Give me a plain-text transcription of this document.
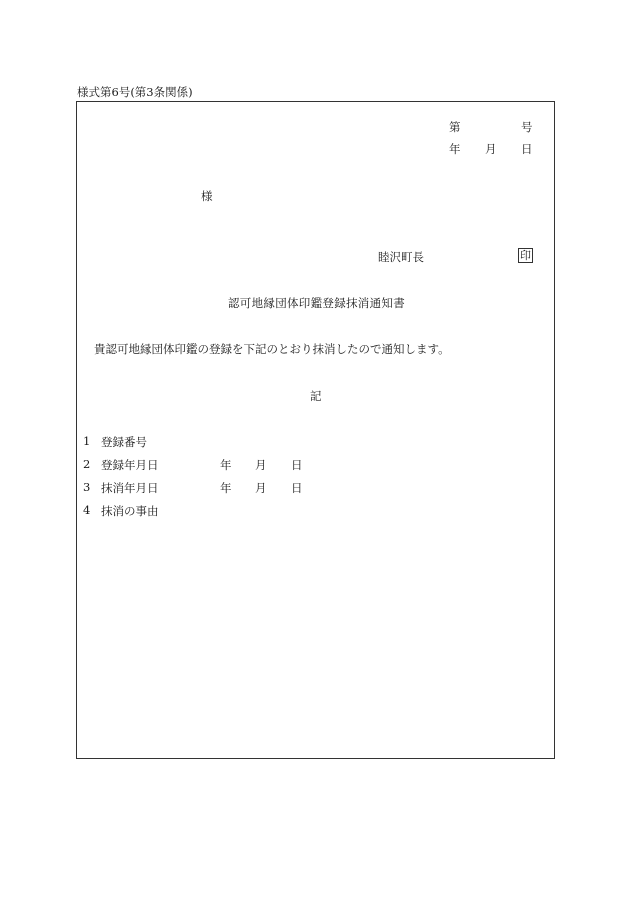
様式第6号(第3条関係)
第	号
年 月 日
様
睦沢町長	印
認可地縁団体印鑑登録抹消通知書
貴認可地縁団体印鑑の登録を下記のとおり抹消したので通知します。
記
1 登録番号
2 登録年月日	年 月 日
3 抹消年月日	年 月 日
4 抹消の事由
